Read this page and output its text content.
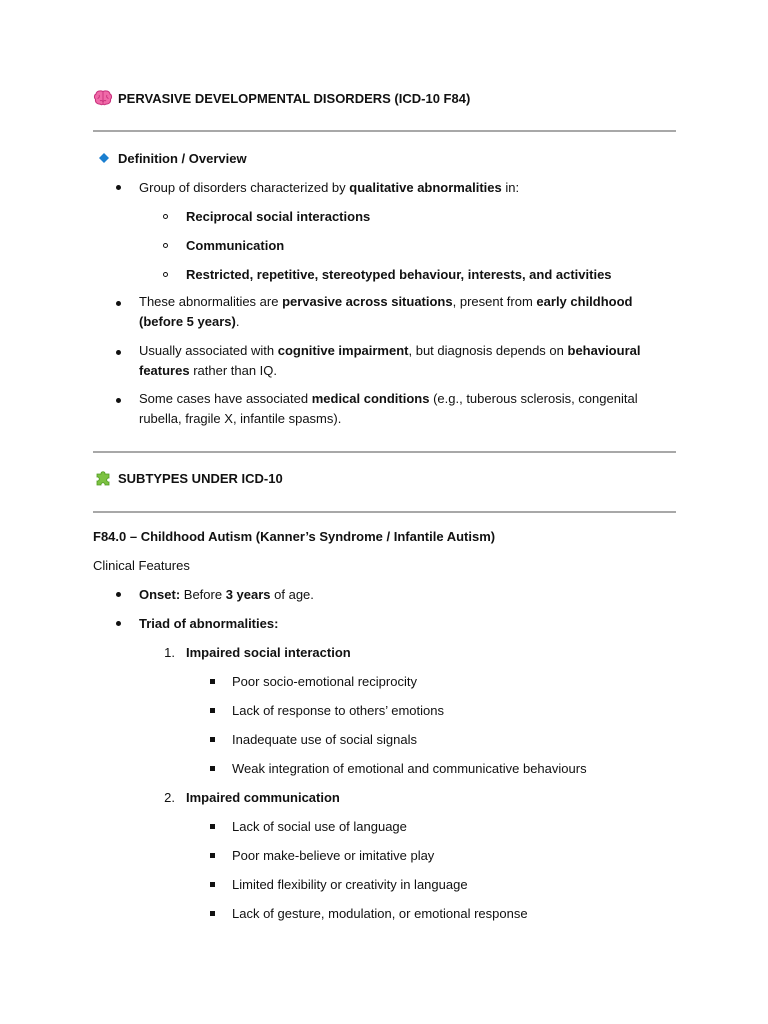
PERVASIVE DEVELOPMENTAL DISORDERS (ICD-10 F84)

Definition / Overview

Group of disorders characterized by qualitative abnormalities in:

Reciprocal social interactions

Communication

Restricted, repetitive, stereotyped behaviour, interests, and activities

These abnormalities are pervasive across situations, present from early childhood (before 5 years).

Usually associated with cognitive impairment, but diagnosis depends on behavioural features rather than IQ.

Some cases have associated medical conditions (e.g., tuberous sclerosis, congenital rubella, fragile X, infantile spasms).

SUBTYPES UNDER ICD-10

F84.0 – Childhood Autism (Kanner’s Syndrome / Infantile Autism)

Clinical Features

Onset: Before 3 years of age.

Triad of abnormalities:

1. Impaired social interaction

Poor socio-emotional reciprocity

Lack of response to others’ emotions

Inadequate use of social signals

Weak integration of emotional and communicative behaviours

2. Impaired communication

Lack of social use of language

Poor make-believe or imitative play

Limited flexibility or creativity in language

Lack of gesture, modulation, or emotional response
